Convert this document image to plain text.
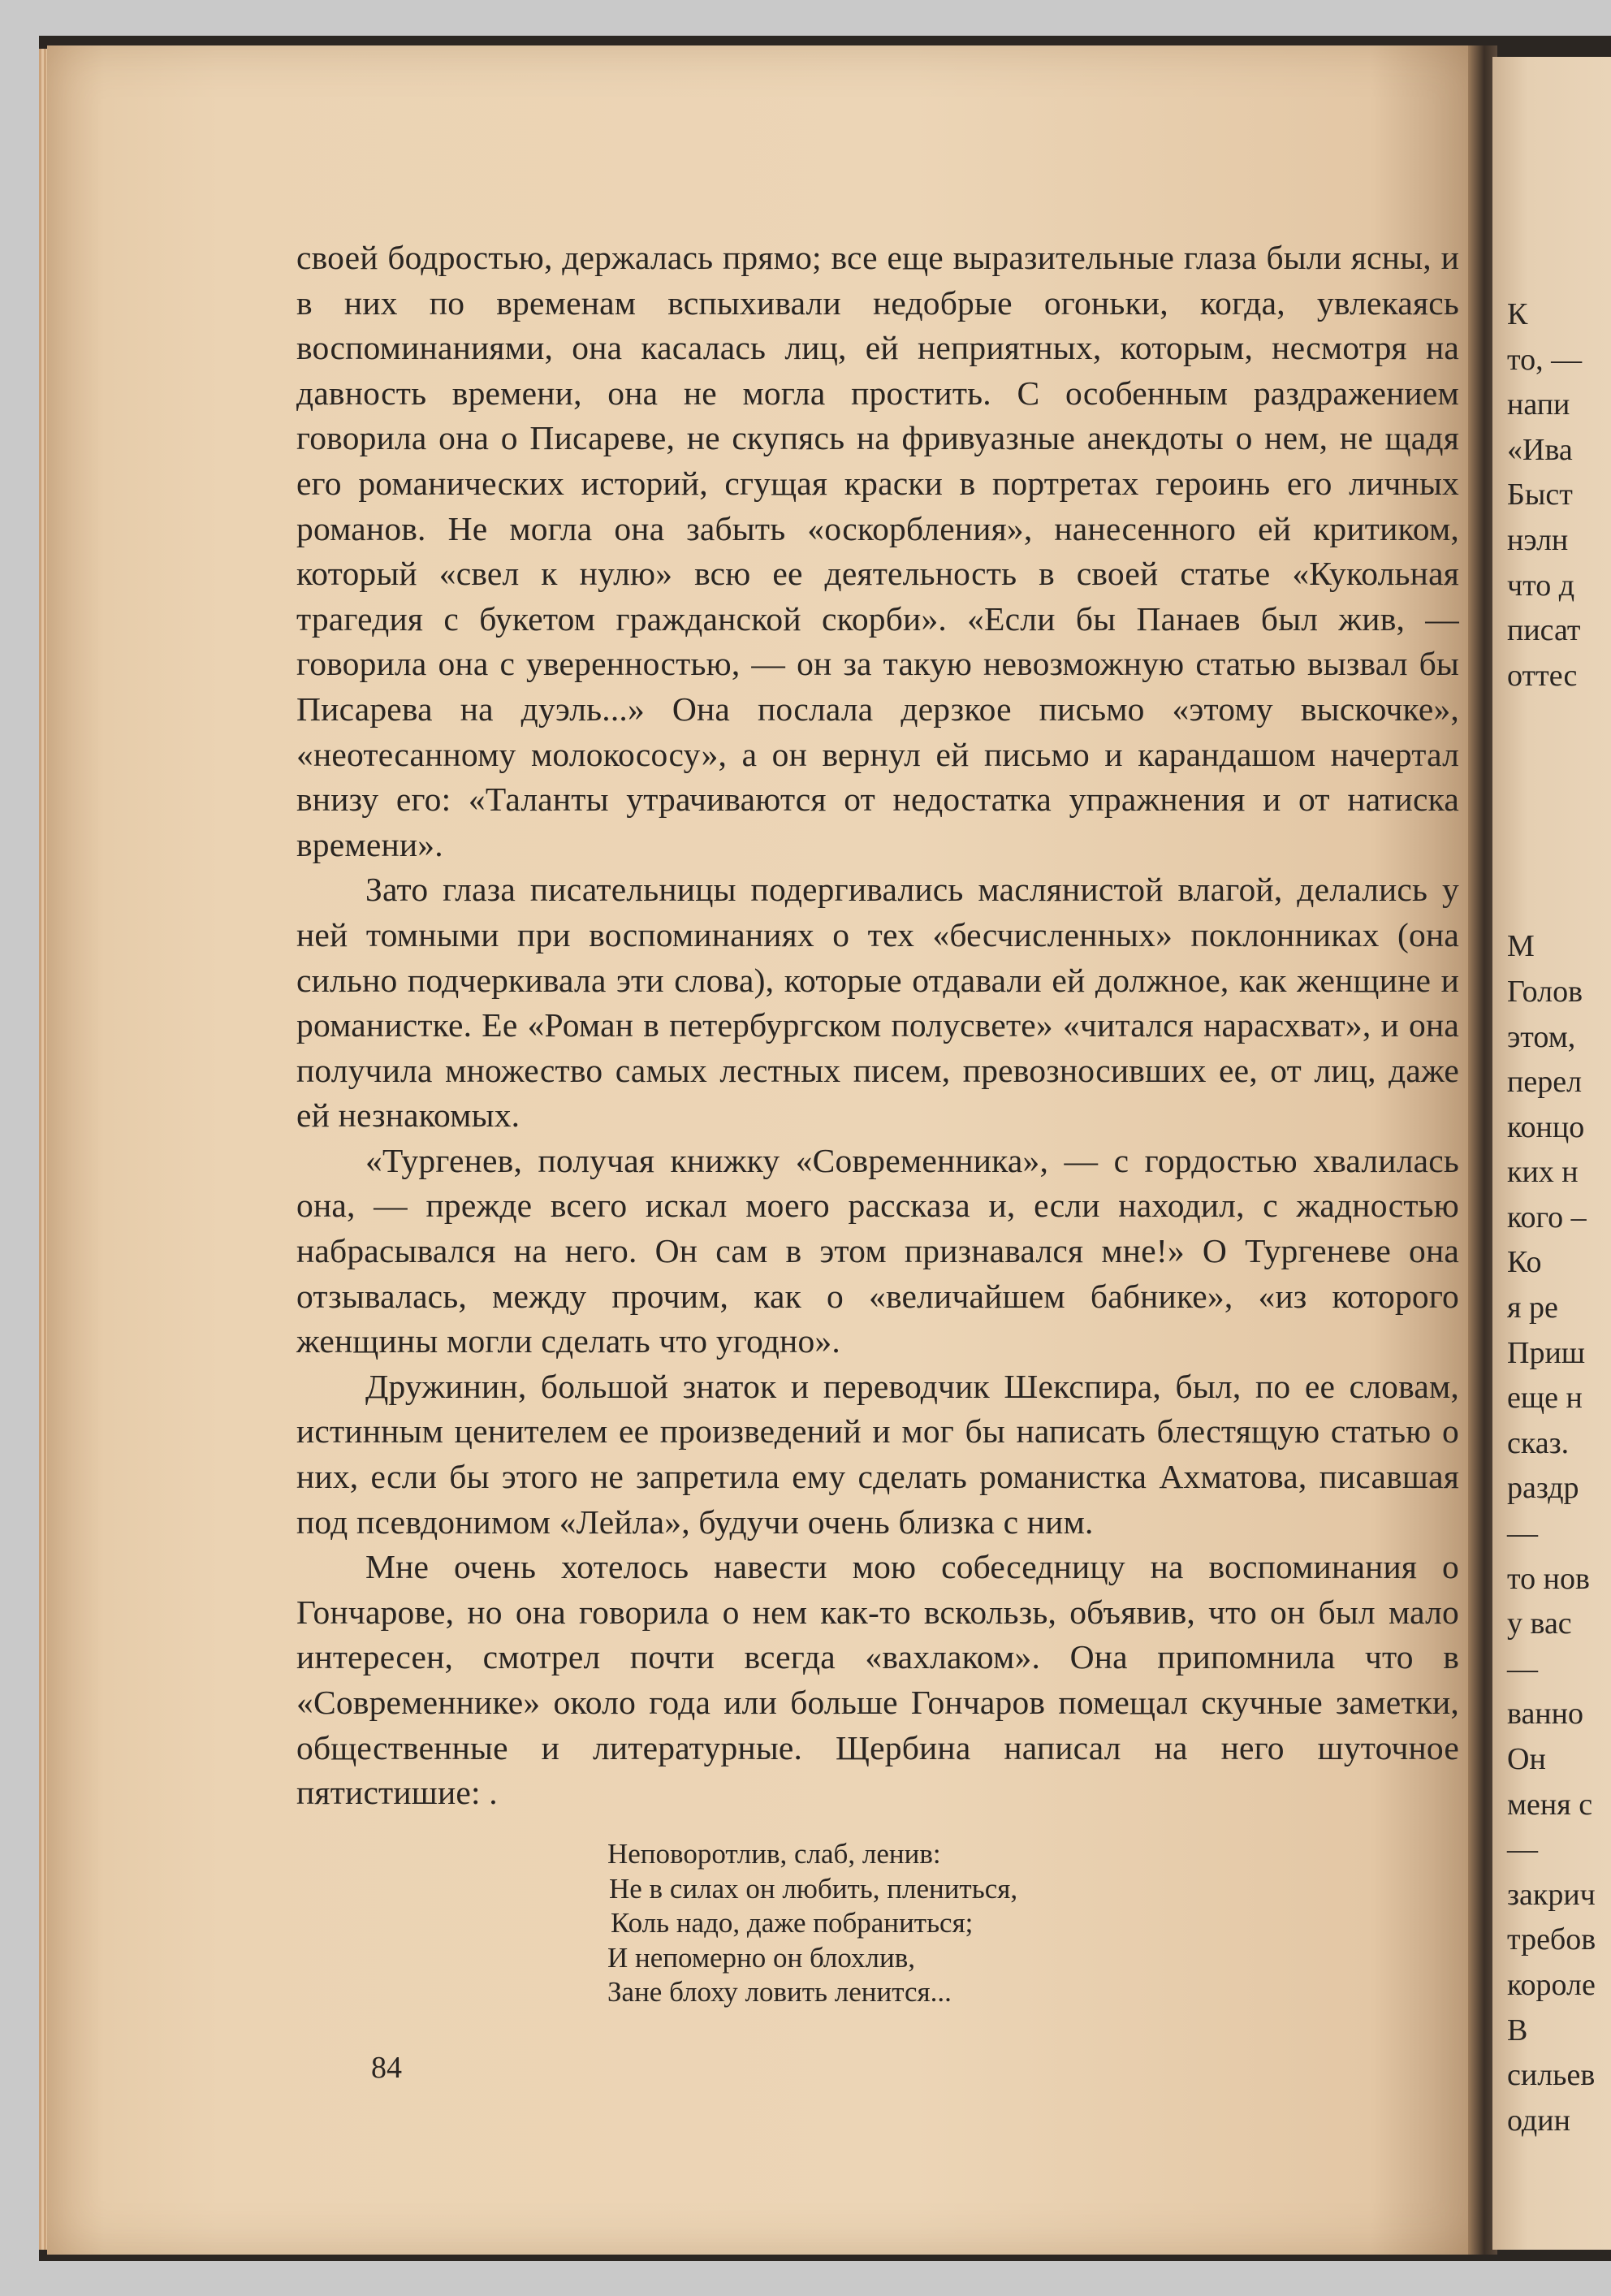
К
то, —
напи
«Ива
Быст
нэлн
что д
писат
оттес
М
Голов
этом,
перел
концо
ких н
кого –
Ко
я ре
Приш
еще н
сказ.
раздр
—
то нов
у вас
—
ванно
Он
меня с
—
закрич
требов
короле
В
сильев
один

своей бодростью, держалась прямо; все еще выразительные глаза были ясны, и в них по временам вспыхивали недобрые огоньки, когда, увлекаясь воспоминаниями, она касалась лиц, ей неприятных, которым, несмотря на давность времени, она не могла простить. С особенным раздражением говорила она о Писареве, не скупясь на фривуазные анекдоты о нем, не щадя его романических историй, сгущая краски в портретах героинь его личных романов. Не могла она забыть «оскорбления», нанесенного ей критиком, который «свел к нулю» всю ее деятельность в своей статье «Кукольная трагедия с букетом гражданской скорби». «Если бы Панаев был жив, — говорила она с уверенностью, — он за такую невозможную статью вызвал бы Писарева на дуэль...» Она послала дерзкое письмо «этому выскочке», «неотесанному молокососу», а он вернул ей письмо и карандашом начертал внизу его: «Таланты утрачиваются от недостатка упражнения и от натиска времени».

Зато глаза писательницы подергивались маслянистой влагой, делались у ней томными при воспоминаниях о тех «бесчисленных» поклонниках (она сильно подчеркивала эти слова), которые отдавали ей должное, как женщине и романистке. Ее «Роман в петербургском полусвете» «читался нарасхват», и она получила множество самых лестных писем, превозносивших ее, от лиц, даже ей незнакомых.

«Тургенев, получая книжку «Современника», — с гордостью хвалилась она, — прежде всего искал моего рассказа и, если находил, с жадностью набрасывался на него. Он сам в этом признавался мне!» О Тургеневе она отзывалась, между прочим, как о «величайшем бабнике», «из которого женщины могли сделать что угодно».

Дружинин, большой знаток и переводчик Шекспира, был, по ее словам, истинным ценителем ее произведений и мог бы написать блестящую статью о них, если бы этого не запретила ему сделать романистка Ахматова, писавшая под псевдонимом «Лейла», будучи очень близка с ним.

Мне очень хотелось навести мою собеседницу на воспоминания о Гончарове, но она говорила о нем как-то вскользь, объявив, что он был мало интересен, смотрел почти всегда «вахлаком». Она припомнила что в «Современнике» около года или больше Гончаров помещал скучные заметки, общественные и литературные. Щербина написал на него шуточное пятистишие: .

Неповоротлив, слаб, ленив:
Не в силах он любить, плениться,
Коль надо, даже побраниться;
И непомерно он блохлив,
Зане блоху ловить ленится...
84
